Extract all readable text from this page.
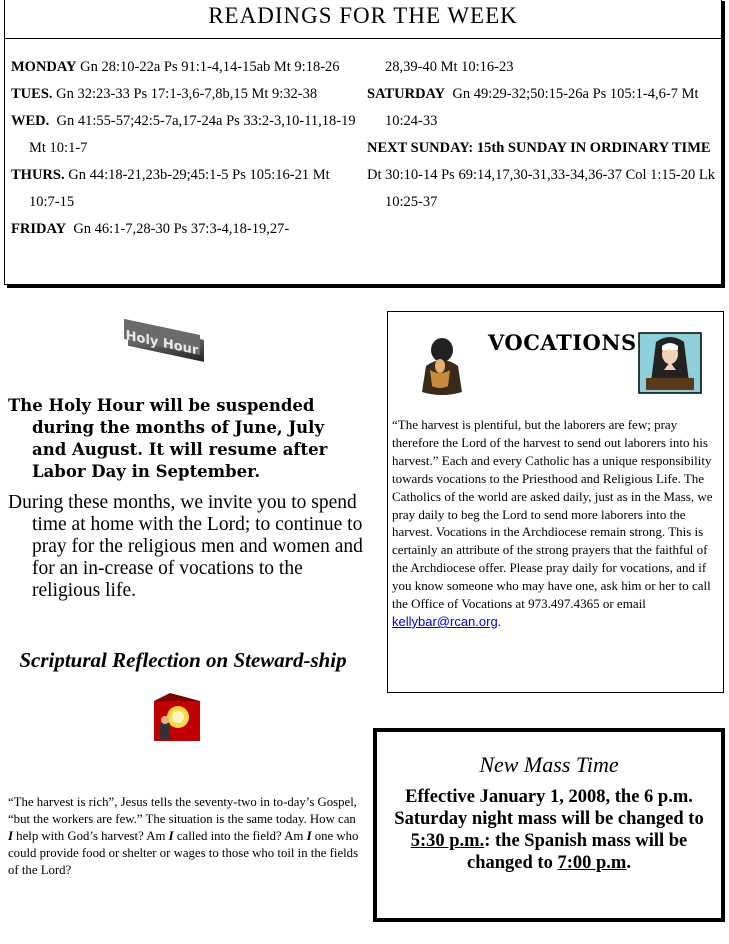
READINGS FOR THE WEEK

MONDAY Gn 28:10-22a Ps 91:1-4,14-15ab Mt 9:18-26

TUES. Gn 32:23-33 Ps 17:1-3,6-7,8b,15 Mt 9:32-38

WED. Gn 41:55-57;42:5-7a,17-24a Ps 33:2-3,10-11,18-19 Mt 10:1-7

THURS. Gn 44:18-21,23b-29;45:1-5 Ps 105:16-21 Mt 10:7-15

FRIDAY Gn 46:1-7,28-30 Ps 37:3-4,18-19,27-

28,39-40 Mt 10:16-23

SATURDAY Gn 49:29-32;50:15-26a Ps 105:1-4,6-7 Mt 10:24-33

NEXT SUNDAY: 15th SUNDAY IN ORDINARY TIME

Dt 30:10-14 Ps 69:14,17,30-31,33-34,36-37 Col 1:15-20 Lk 10:25-37

Holy Hour

The Holy Hour will be suspended during the months of June, July and August. It will resume after Labor Day in September.

During these months, we invite you to spend time at home with the Lord; to continue to pray for the religious men and women and for an in-crease of vocations to the religious life.

Scriptural Reflection on Steward-ship
“The harvest is rich”, Jesus tells the seventy-two in to-day’s Gospel, “but the workers are few.” The situation is the same today. How can I help with God’s harvest? Am I called into the field? Am I one who could provide food or shelter or wages to those who toil in the fields of the Lord?
VOCATIONS
“The harvest is plentiful, but the laborers are few; pray therefore the Lord of the harvest to send out laborers into his harvest.” Each and every Catholic has a unique responsibility towards vocations to the Priesthood and Religious Life. The Catholics of the world are asked daily, just as in the Mass, we pray daily to beg the Lord to send more laborers into the harvest. Vocations in the Archdiocese remain strong. This is certainly an attribute of the strong prayers that the faithful of the Archdiocese offer. Please pray daily for vocations, and if you know someone who may have one, ask him or her to call the Office of Vocations at 973.497.4365 or email kellybar@rcan.org.
New Mass Time

Effective January 1, 2008, the 6 p.m. Saturday night mass will be changed to 5:30 p.m.: the Spanish mass will be changed to 7:00 p.m.
